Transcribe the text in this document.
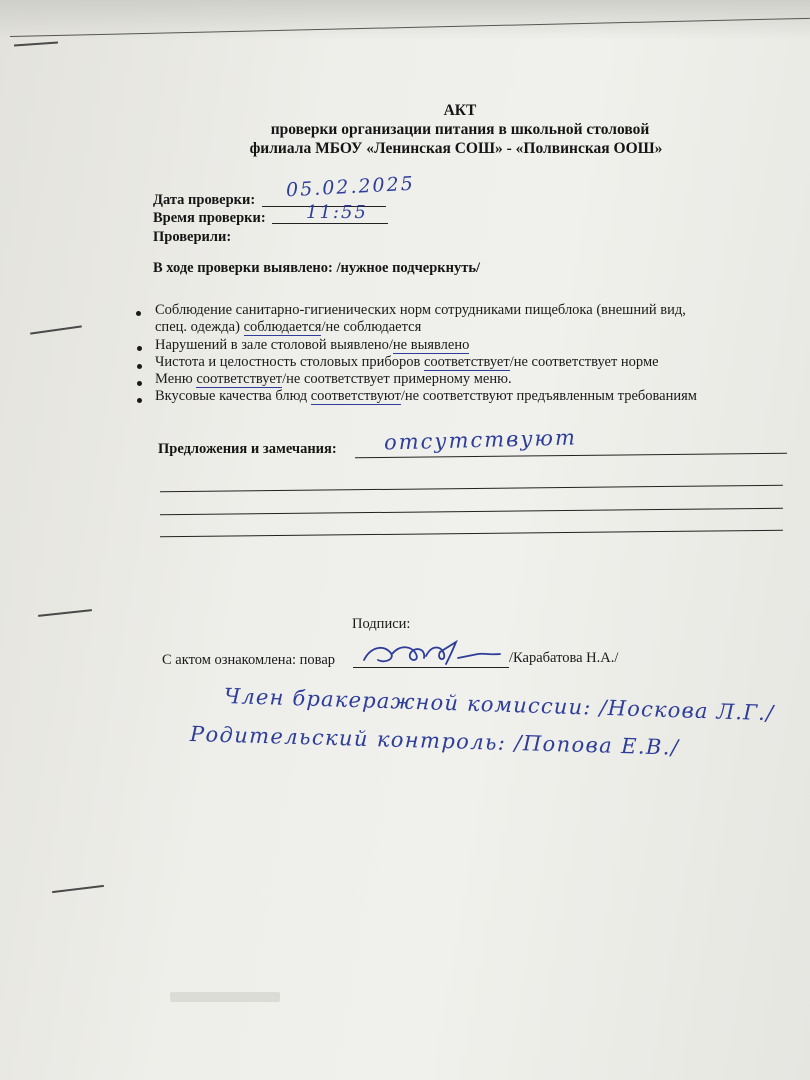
АКТ
проверки организации питания в школьной столовой
филиала МБОУ «Ленинская СОШ» - «Полвинская ООШ»
Дата проверки: 05.02.2025
Время проверки: 11:55
Проверили:
В ходе проверки выявлено: /нужное подчеркнуть/
Соблюдение санитарно-гигиенических норм сотрудниками пищеблока (внешний вид,
спец. одежда) соблюдается/не соблюдается
Нарушений в зале столовой выявлено/не выявлено
Чистота и целостность столовых приборов соответствует/не соответствует норме
Меню соответствует/не соответствует примерному меню.
Вкусовые качества блюд соответствуют/не соответствуют предъявленным требованиям
Предложения и замечания: отсутствуют
Подписи:
С актом ознакомлена: повар	/Карабатова Н.А./
Член бракеражной комиссии: /Носкова Л.Г./
Родительский контроль: /Попова Е.В./
